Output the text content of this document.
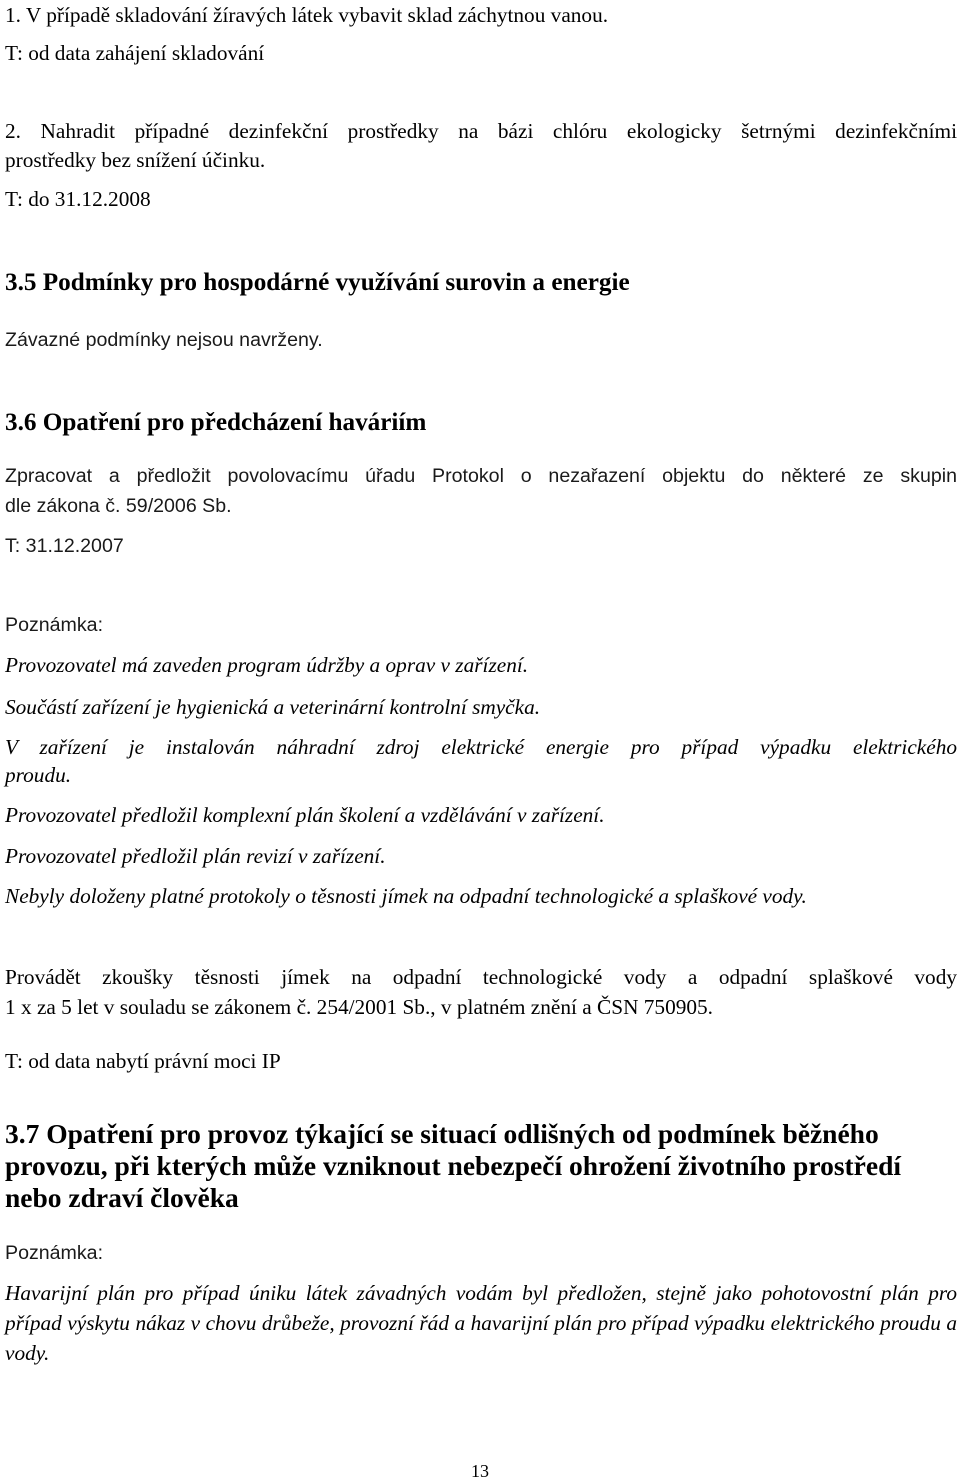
1. V případě skladování žíravých látek vybavit sklad záchytnou vanou.
T: od data zahájení skladování
2. Nahradit případné dezinfekční prostředky na bázi chlóru ekologicky šetrnými dezinfekčními
prostředky bez snížení účinku.
T: do 31.12.2008
3.5 Podmínky pro hospodárné využívání surovin a energie
Závazné podmínky nejsou navrženy.
3.6 Opatření pro předcházení haváriím
Zpracovat a předložit povolovacímu úřadu Protokol o nezařazení objektu do některé ze skupin
dle zákona č. 59/2006 Sb.
T: 31.12.2007
Poznámka:
Provozovatel má zaveden program údržby a oprav v zařízení.
Součástí zařízení je hygienická a veterinární kontrolní smyčka.
V zařízení je instalován náhradní zdroj elektrické energie pro případ výpadku elektrického
proudu.
Provozovatel předložil komplexní plán školení a vzdělávání v zařízení.
Provozovatel předložil plán revizí v zařízení.
Nebyly doloženy platné protokoly o těsnosti jímek na odpadní technologické a splaškové vody.
Provádět zkoušky těsnosti jímek na odpadní technologické vody a odpadní splaškové vody
1 x za 5 let v souladu se zákonem č. 254/2001 Sb., v platném znění a ČSN 750905.
T: od data nabytí právní moci IP
3.7 Opatření pro provoz týkající se situací odlišných od podmínek běžného provozu, při kterých může vzniknout nebezpečí ohrožení životního prostředí nebo zdraví člověka
Poznámka:
Havarijní plán pro případ úniku látek závadných vodám byl předložen, stejně jako pohotovostní plán pro případ výskytu nákaz v chovu drůbeže, provozní řád a havarijní plán pro případ výpadku elektrického proudu a vody.
13
